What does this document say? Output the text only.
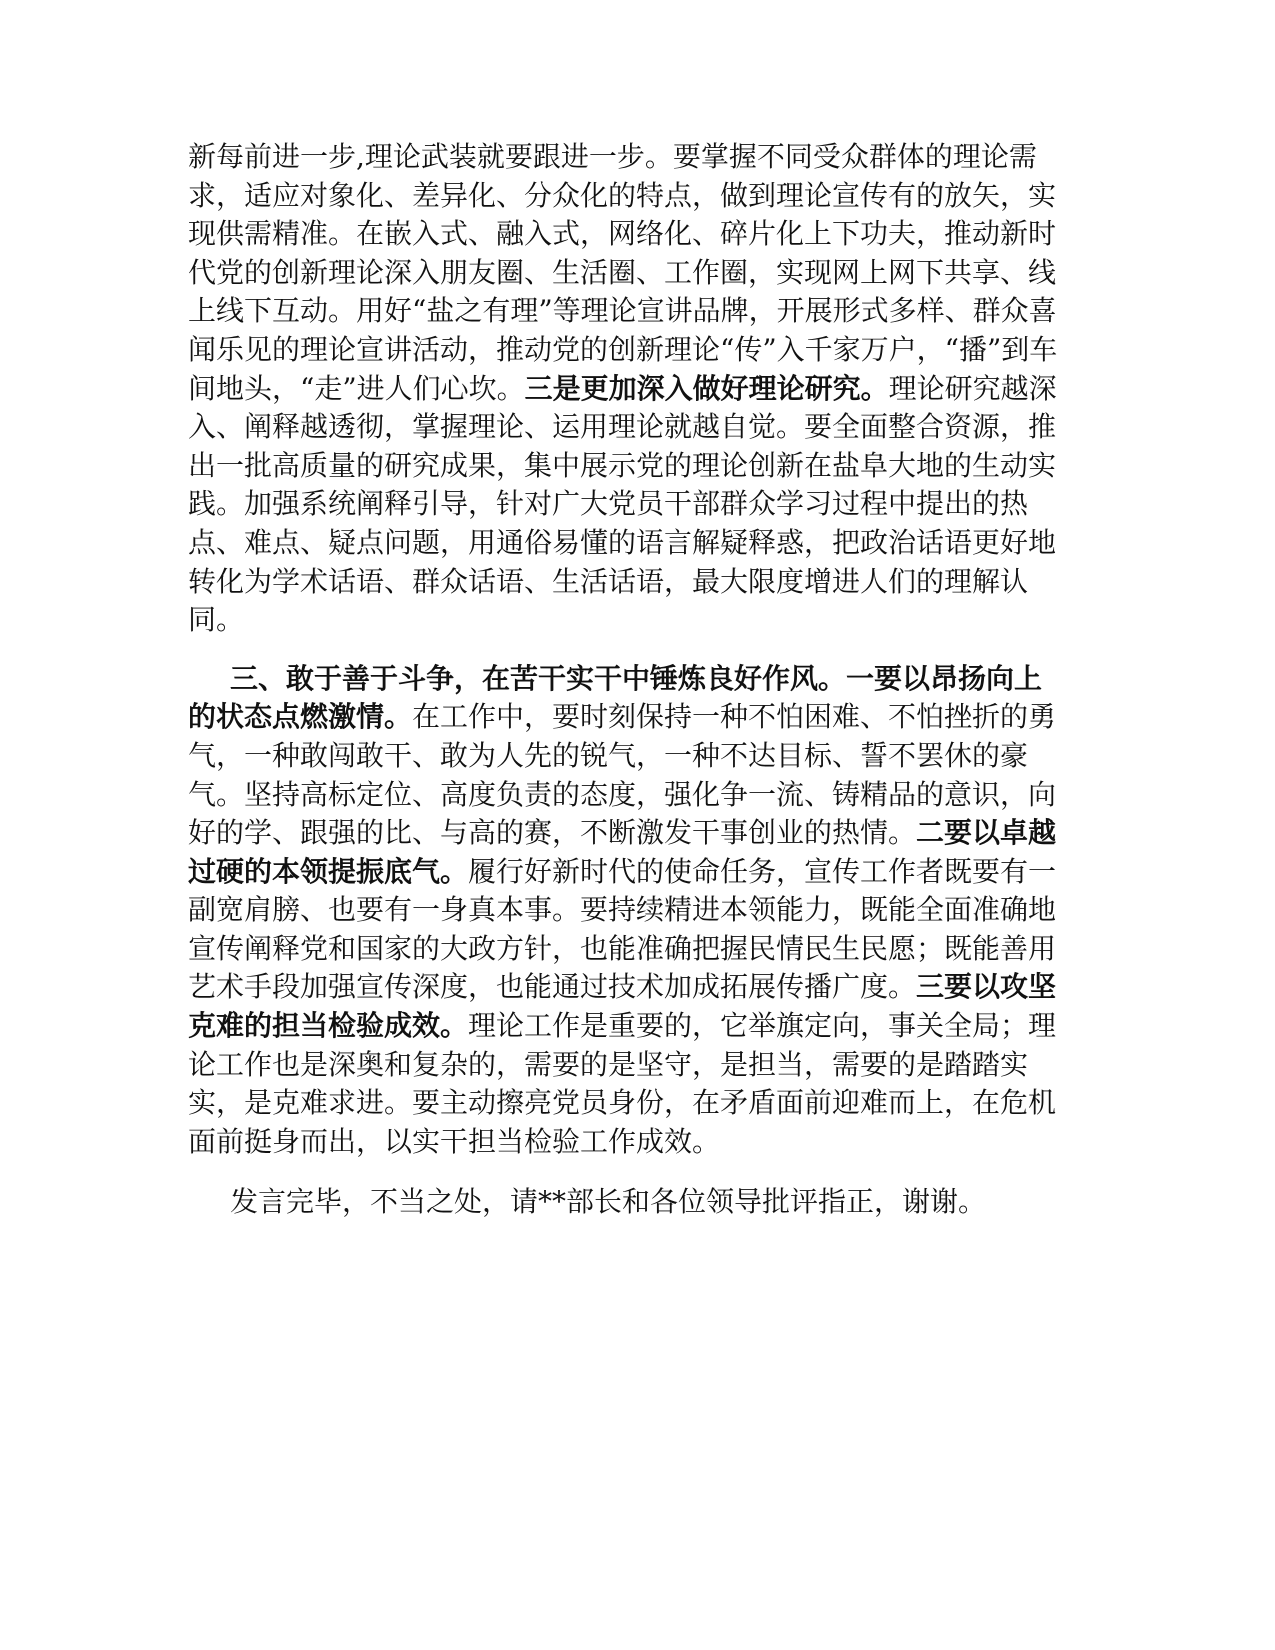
新每前进一步,理论武装就要跟进一步。要掌握不同受众群体的理论需求，适应对象化、差异化、分众化的特点，做到理论宣传有的放矢，实现供需精准。在嵌入式、融入式，网络化、碎片化上下功夫，推动新时代党的创新理论深入朋友圈、生活圈、工作圈，实现网上网下共享、线上线下互动。用好“盐之有理”等理论宣讲品牌，开展形式多样、群众喜闻乐见的理论宣讲活动，推动党的创新理论“传”入千家万户，“播”到车间地头，“走”进人们心坎。三是更加深入做好理论研究。理论研究越深入、阐释越透彻，掌握理论、运用理论就越自觉。要全面整合资源，推出一批高质量的研究成果，集中展示党的理论创新在盐阜大地的生动实践。加强系统阐释引导，针对广大党员干部群众学习过程中提出的热点、难点、疑点问题，用通俗易懂的语言解疑释惑，把政治话语更好地转化为学术话语、群众话语、生活话语，最大限度增进人们的理解认同。

三、敢于善于斗争，在苦干实干中锤炼良好作风。一要以昂扬向上的状态点燃激情。在工作中，要时刻保持一种不怕困难、不怕挫折的勇气，一种敢闯敢干、敢为人先的锐气，一种不达目标、誓不罢休的豪气。坚持高标定位、高度负责的态度，强化争一流、铸精品的意识，向好的学、跟强的比、与高的赛，不断激发干事创业的热情。二要以卓越过硬的本领提振底气。履行好新时代的使命任务，宣传工作者既要有一副宽肩膀、也要有一身真本事。要持续精进本领能力，既能全面准确地宣传阐释党和国家的大政方针，也能准确把握民情民生民愿；既能善用艺术手段加强宣传深度，也能通过技术加成拓展传播广度。三要以攻坚克难的担当检验成效。理论工作是重要的，它举旗定向，事关全局；理论工作也是深奥和复杂的，需要的是坚守，是担当，需要的是踏踏实实，是克难求进。要主动擦亮党员身份，在矛盾面前迎难而上，在危机面前挺身而出，以实干担当检验工作成效。

发言完毕，不当之处，请**部长和各位领导批评指正，谢谢。
